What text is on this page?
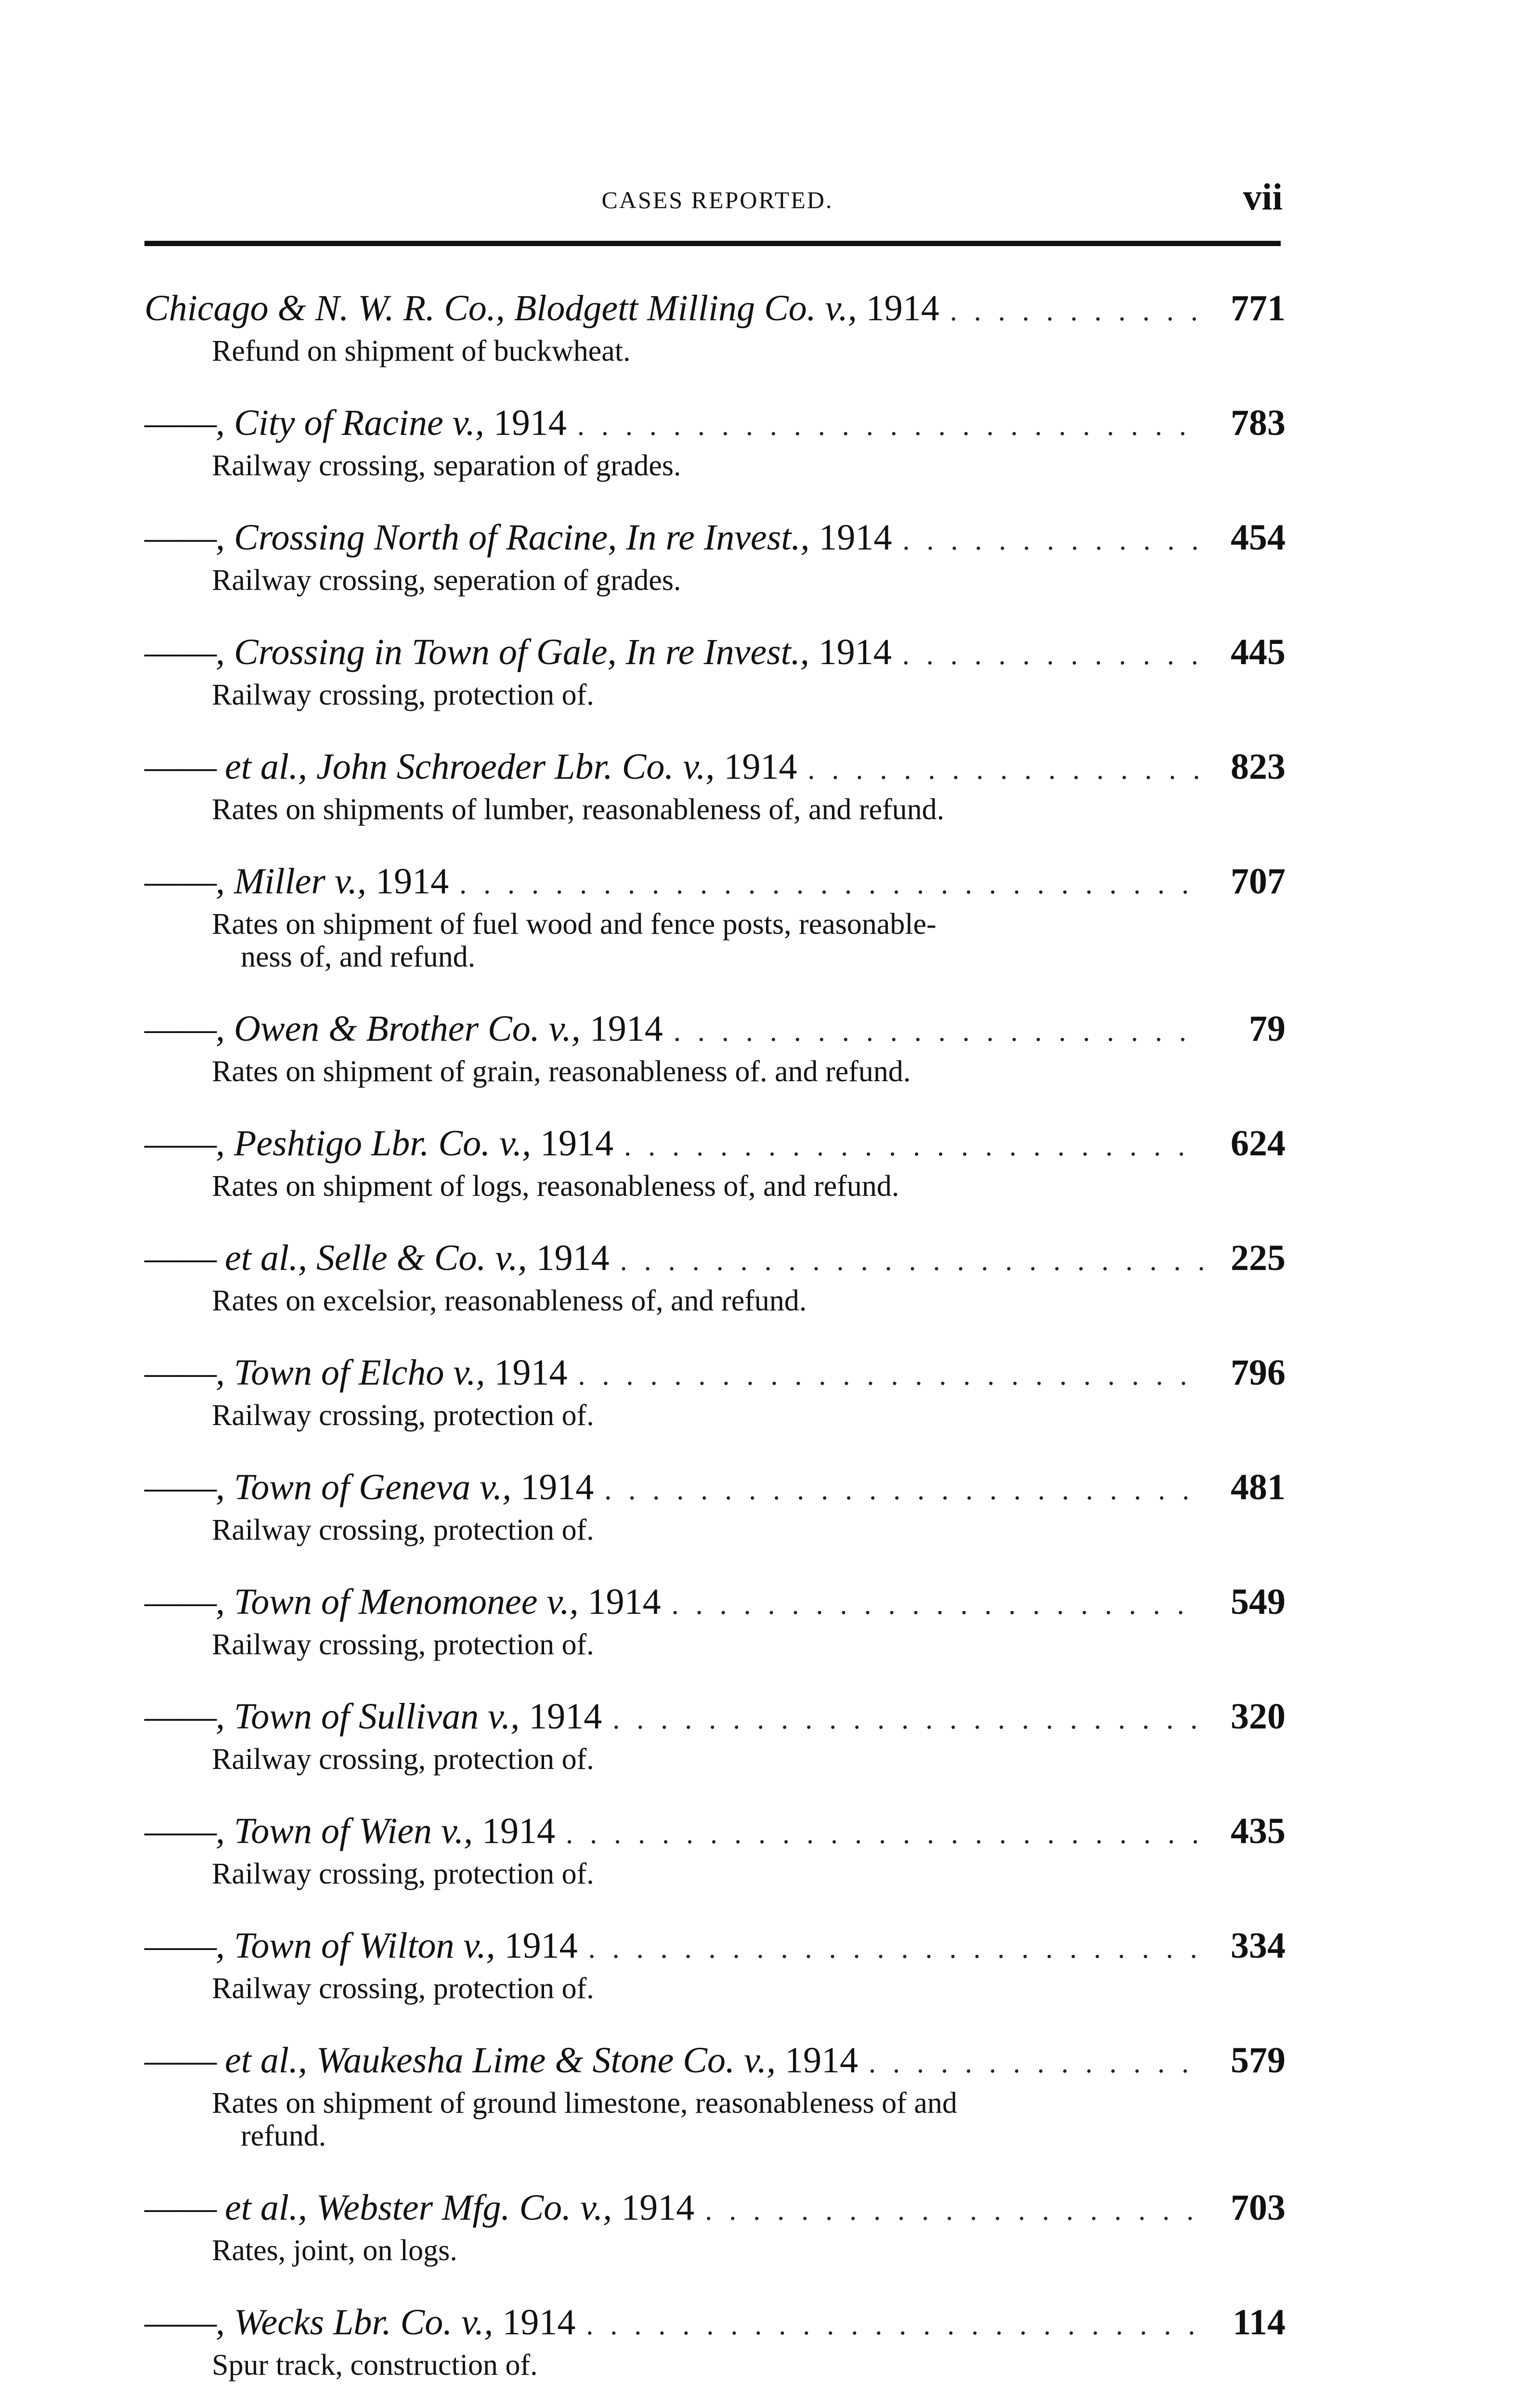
CASES REPORTED.	vii
Chicago & N. W. R. Co., Blodgett Milling Co. v., 1914 . . .	771
Refund on shipment of buckwheat.
——, City of Racine v., 1914 . . .	783
Railway crossing, separation of grades.
——, Crossing North of Racine, In re Invest., 1914 . . .	454
Railway crossing, seperation of grades.
——, Crossing in Town of Gale, In re Invest., 1914 . . .	445
Railway crossing, protection of.
—— et al., John Schroeder Lbr. Co. v., 1914 . . .	823
Rates on shipments of lumber, reasonableness of, and refund.
——, Miller v., 1914 . . .	707
Rates on shipment of fuel wood and fence posts, reasonable-
ness of, and refund.
——, Owen & Brother Co. v., 1914 . . .	79
Rates on shipment of grain, reasonableness of. and refund.
——, Peshtigo Lbr. Co. v., 1914 . . .	624
Rates on shipment of logs, reasonableness of, and refund.
—— et al., Selle & Co. v., 1914 . . .	225
Rates on excelsior, reasonableness of, and refund.
——, Town of Elcho v., 1914 . . .	796
Railway crossing, protection of.
——, Town of Geneva v., 1914 . . .	481
Railway crossing, protection of.
——, Town of Menomonee v., 1914 . . .	549
Railway crossing, protection of.
——, Town of Sullivan v., 1914 . . .	320
Railway crossing, protection of.
——, Town of Wien v., 1914 . . .	435
Railway crossing, protection of.
——, Town of Wilton v., 1914 . . .	334
Railway crossing, protection of.
—— et al., Waukesha Lime & Stone Co. v., 1914 . . .	579
Rates on shipment of ground limestone, reasonableness of and
refund.
—— et al., Webster Mfg. Co. v., 1914 . . .	703
Rates, joint, on logs.
——, Wecks Lbr. Co. v., 1914 . . .	114
Spur track, construction of.
